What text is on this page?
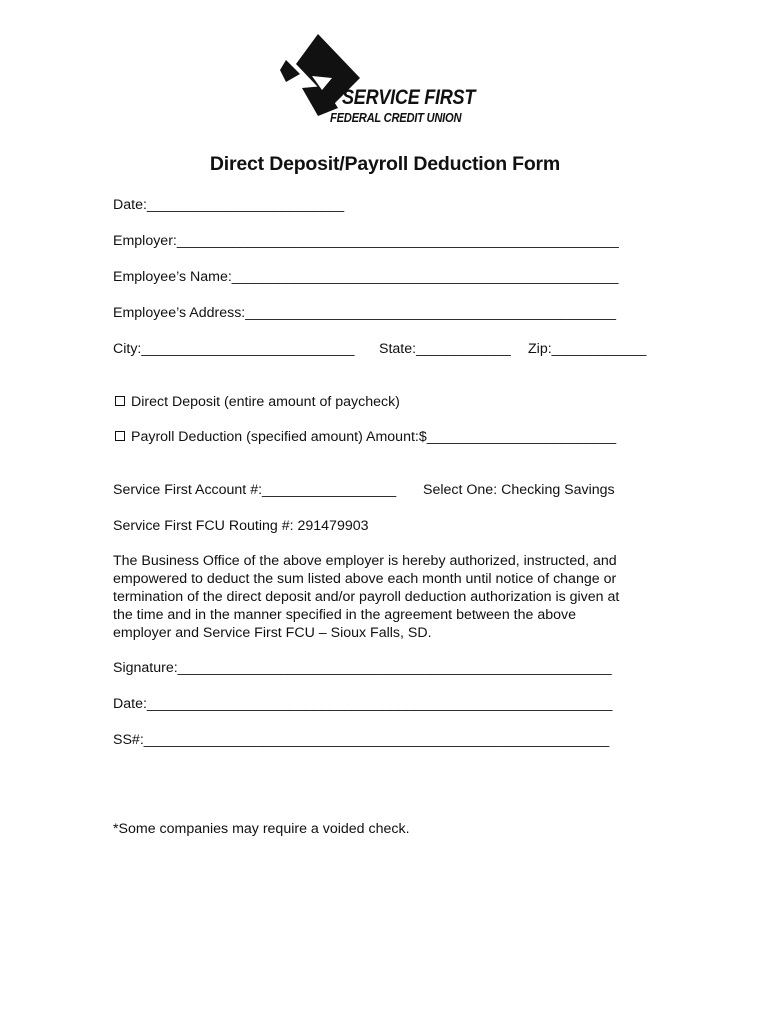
SERVICE FIRST
FEDERAL CREDIT UNION
Direct Deposit/Payroll Deduction Form
Date:_________________________
Employer:________________________________________________________
Employee’s Name:_________________________________________________
Employee’s Address:_______________________________________________
City:___________________________ State:____________ Zip:____________
Direct Deposit (entire amount of paycheck)
Payroll Deduction (specified amount) Amount:$________________________
Service First Account #:_________________ Select One: Checking Savings
Service First FCU Routing #: 291479903
The Business Office of the above employer is hereby authorized, instructed, and
empowered to deduct the sum listed above each month until notice of change or
termination of the direct deposit and/or payroll deduction authorization is given at
the time and in the manner specified in the agreement between the above
employer and Service First FCU – Sioux Falls, SD.
Signature:_______________________________________________________
Date:___________________________________________________________
SS#:___________________________________________________________
*Some companies may require a voided check.
